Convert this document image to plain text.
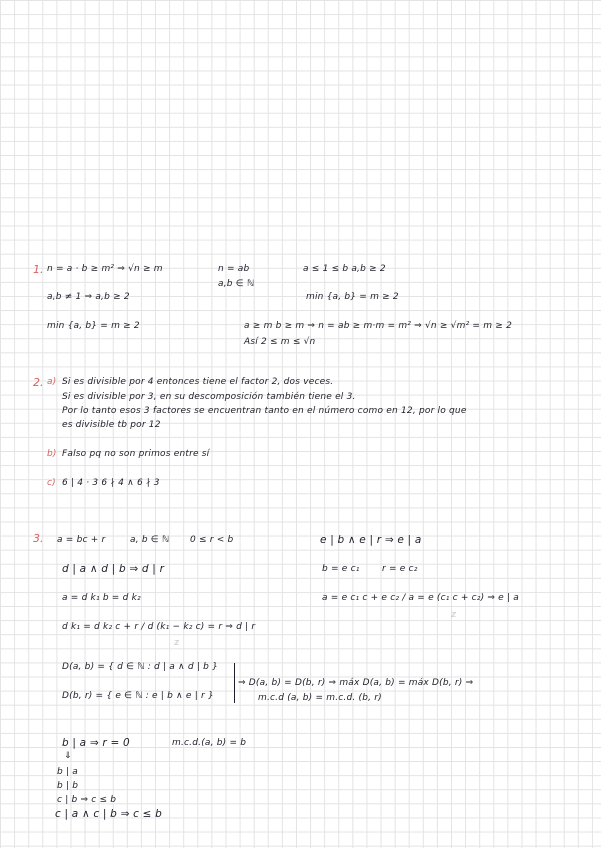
1. n = a · b ≥ m² ⇒ √n ≥ m	n = ab
a,b ∈ ℕ
a ≤ 1 ≤ b a,b ≥ 2
a,b ≠ 1 ⇒ a,b ≥ 2	min {a, b} = m ≥ 2
min {a, b} = m ≥ 2	a ≥ m b ≥ m ⇒ n = ab ≥ m·m = m² ⇒ √n ≥ √m² = m ≥ 2
Así 2 ≤ m ≤ √n
2. a) Si es divisible por 4 entonces tiene el factor 2, dos veces.
Si es divisible por 3, en su descomposición también tiene el 3.
Por lo tanto esos 3 factores se encuentran tanto en el número como en 12, por lo que
es divisible tb por 12
b) Falso pq no son primos entre sí
c) 6 | 4 · 3 6 ∤ 4 ∧ 6 ∤ 3
3. a = bc + r	a, b ∈ ℕ 0 ≤ r < b	e | b ∧ e | r ⇒ e | a
d | a ∧ d | b ⇒ d | r	b = e c₁ r = e c₂
a = d k₁ b = d k₂	a = e c₁ c + e c₂ / a = e (c₁ c + c₂) ⇒ e | a
ℤ
d k₁ = d k₂ c + r / d (k₁ − k₂ c) = r ⇒ d | r
ℤ
D(a, b) = { d ∈ ℕ : d | a ∧ d | b }
D(b, r) = { e ∈ ℕ : e | b ∧ e | r }
⇒ D(a, b) = D(b, r) ⇒ máx D(a, b) = máx D(b, r) ⇒
m.c.d (a, b) = m.c.d. (b, r)
b | a ⇒ r = 0	m.c.d.(a, b) = b
⇓
b | a
b | b
c | b ⇒ c ≤ b
c | a ∧ c | b ⇒ c ≤ b
